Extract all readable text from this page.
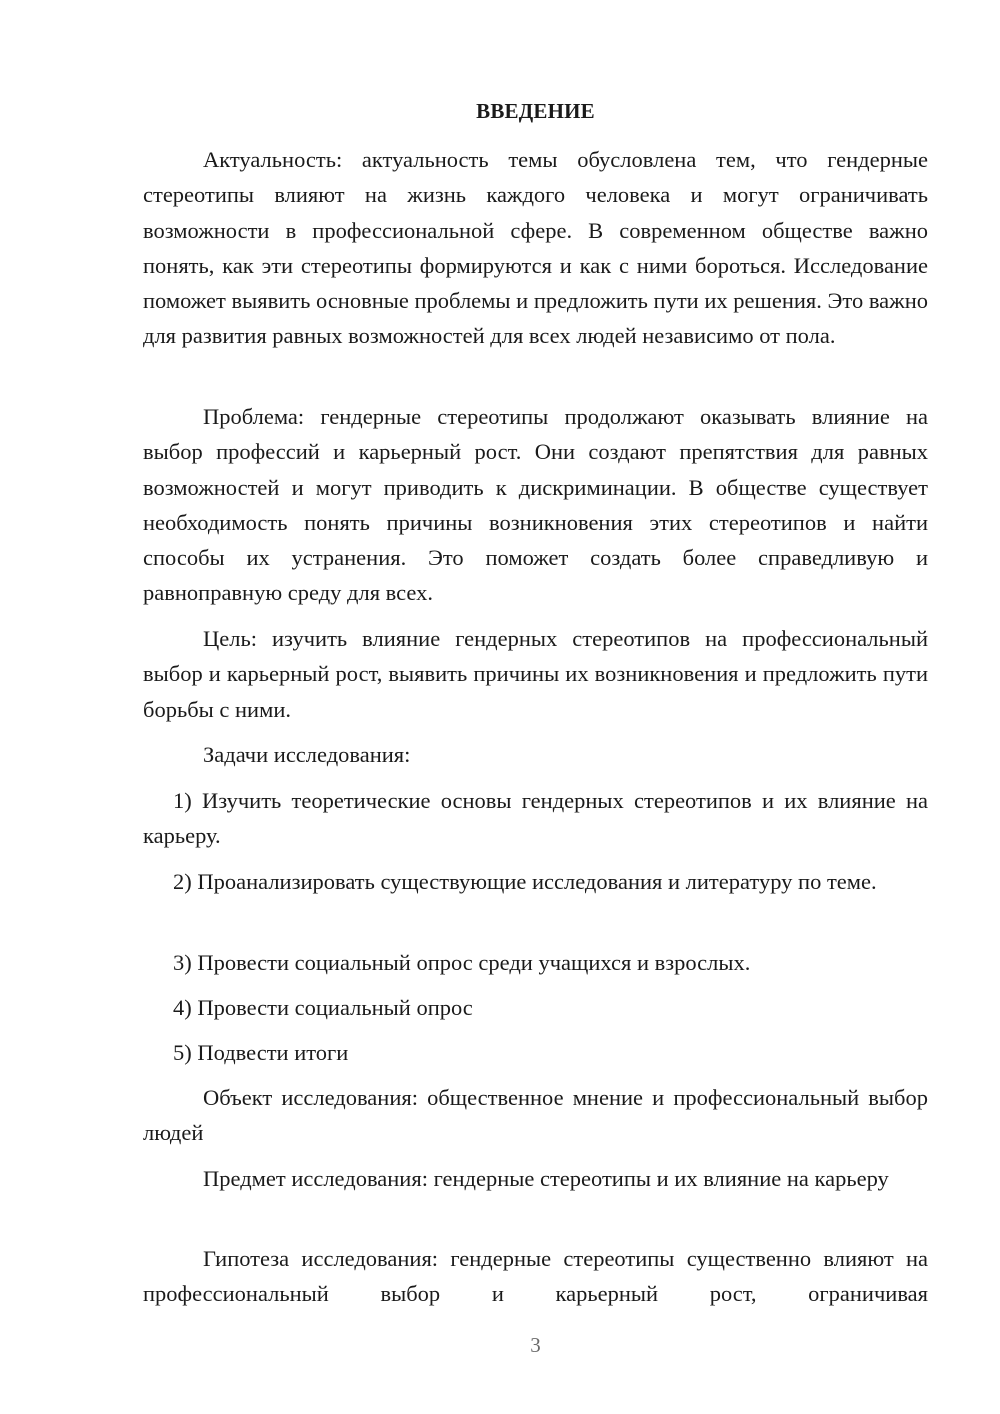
ВВЕДЕНИЕ

Актуальность: актуальность темы обусловлена тем, что гендерные стереотипы влияют на жизнь каждого человека и могут ограничивать возможности в профессиональной сфере. В современном обществе важно понять, как эти стереотипы формируются и как с ними бороться. Исследование поможет выявить основные проблемы и предложить пути их решения. Это важно для развития равных возможностей для всех людей независимо от пола.

Проблема: гендерные стереотипы продолжают оказывать влияние на выбор профессий и карьерный рост. Они создают препятствия для равных возможностей и могут приводить к дискриминации. В обществе существует необходимость понять причины возникновения этих стереотипов и найти способы их устранения. Это поможет создать более справедливую и равноправную среду для всех.

Цель: изучить влияние гендерных стереотипов на профессиональный выбор и карьерный рост, выявить причины их возникновения и предложить пути борьбы с ними.

Задачи исследования:

1) Изучить теоретические основы гендерных стереотипов и их влияние на карьеру.

2) Проанализировать существующие исследования и литературу по теме.

3) Провести социальный опрос среди учащихся и взрослых.

4) Провести социальный опрос

5) Подвести итоги

Объект исследования: общественное мнение и профессиональный выбор людей

Предмет исследования: гендерные стереотипы и их влияние на карьеру

Гипотеза исследования: гендерные стереотипы существенно влияют на профессиональный выбор и карьерный рост, ограничивая

3
